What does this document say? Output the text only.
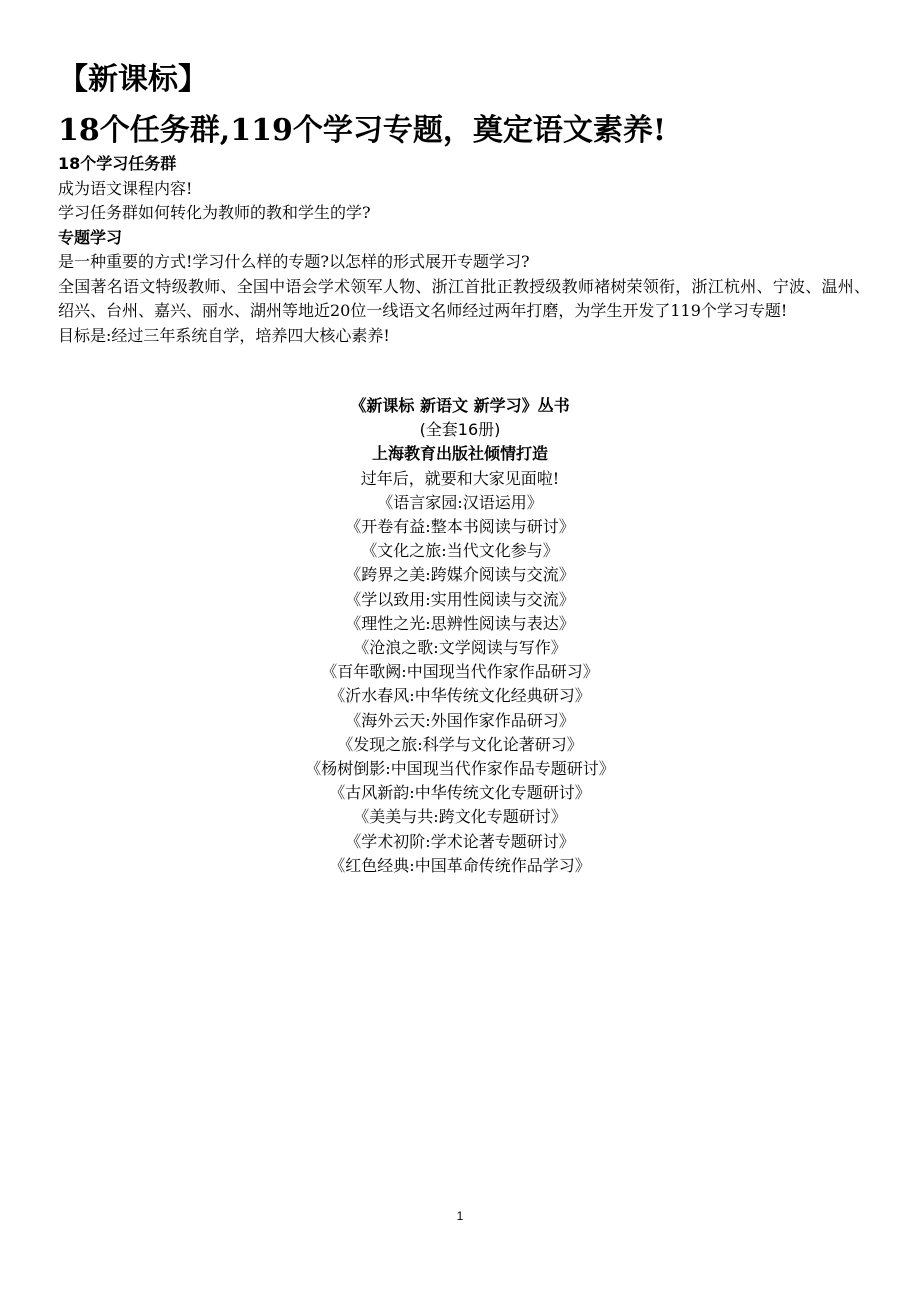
【新课标】
18个任务群,119个学习专题，奠定语文素养!
18个学习任务群
成为语文课程内容!
学习任务群如何转化为教师的教和学生的学?
专题学习
是一种重要的方式!学习什么样的专题?以怎样的形式展开专题学习?
全国著名语文特级教师、全国中语会学术领军人物、浙江首批正教授级教师褚树荣领衔，浙江杭州、宁波、温州、绍兴、台州、嘉兴、丽水、湖州等地近20位一线语文名师经过两年打磨，为学生开发了119个学习专题!
目标是:经过三年系统自学，培养四大核心素养!
《新课标 新语文 新学习》丛书
(全套16册)
上海教育出版社倾情打造
过年后，就要和大家见面啦!
《语言家园:汉语运用》
《开卷有益:整本书阅读与研讨》
《文化之旅:当代文化参与》
《跨界之美:跨媒介阅读与交流》
《学以致用:实用性阅读与交流》
《理性之光:思辨性阅读与表达》
《沧浪之歌:文学阅读与写作》
《百年歌阙:中国现当代作家作品研习》
《沂水春风:中华传统文化经典研习》
《海外云天:外国作家作品研习》
《发现之旅:科学与文化论著研习》
《杨树倒影:中国现当代作家作品专题研讨》
《古风新韵:中华传统文化专题研讨》
《美美与共:跨文化专题研讨》
《学术初阶:学术论著专题研讨》
《红色经典:中国革命传统作品学习》
1
